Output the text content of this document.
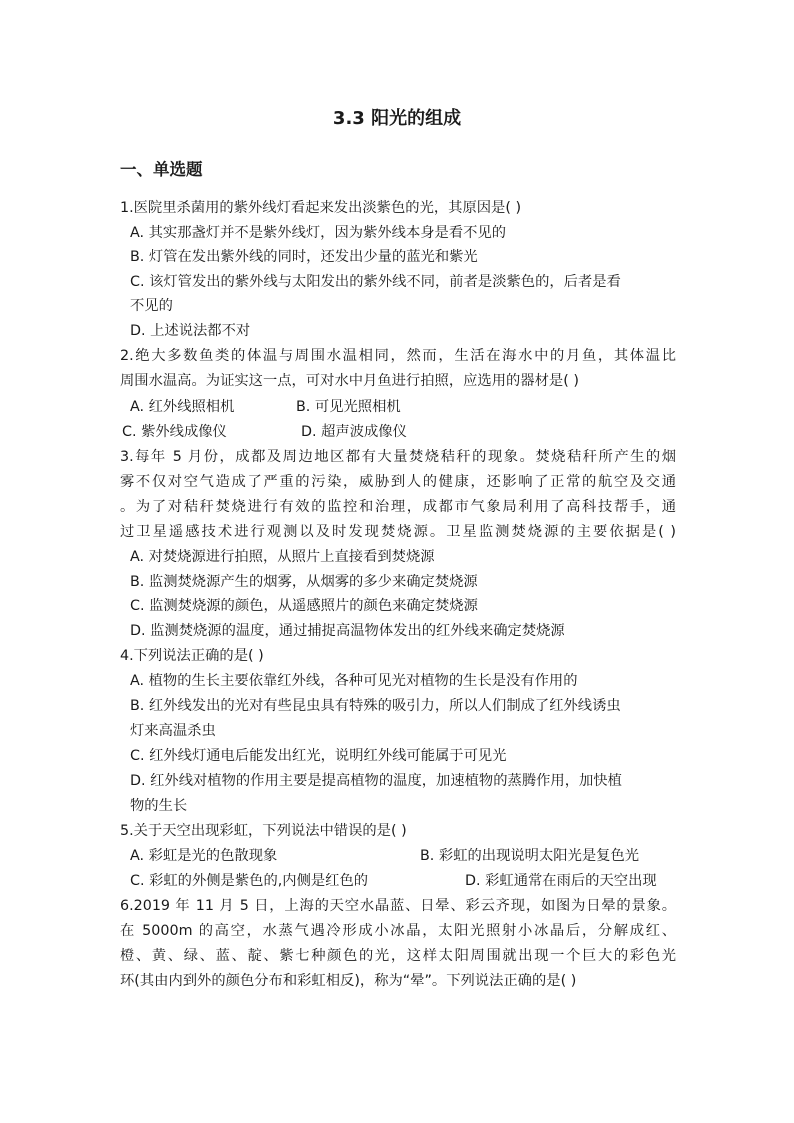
3.3 阳光的组成
一、单选题
1.医院里杀菌用的紫外线灯看起来发出淡紫色的光，其原因是( )
A. 其实那盏灯并不是紫外线灯，因为紫外线本身是看不见的
B. 灯管在发出紫外线的同时，还发出少量的蓝光和紫光
C. 该灯管发出的紫外线与太阳发出的紫外线不同，前者是淡紫色的，后者是看
不见的
D. 上述说法都不对
2.绝大多数鱼类的体温与周围水温相同，然而，生活在海水中的月鱼，其体温比
周围水温高。为证实这一点，可对水中月鱼进行拍照，应选用的器材是( )
A. 红外线照相机	B. 可见光照相机
C. 紫外线成像仪	D. 超声波成像仪
3.每年 5 月份，成都及周边地区都有大量焚烧秸秆的现象。焚烧秸秆所产生的烟
雾不仅对空气造成了严重的污染，威胁到人的健康，还影响了正常的航空及交通
。为了对秸秆焚烧进行有效的监控和治理，成都市气象局利用了高科技帮手，通
过卫星遥感技术进行观测以及时发现焚烧源。卫星监测焚烧源的主要依据是( )
A. 对焚烧源进行拍照，从照片上直接看到焚烧源
B. 监测焚烧源产生的烟雾，从烟雾的多少来确定焚烧源
C. 监测焚烧源的颜色，从遥感照片的颜色来确定焚烧源
D. 监测焚烧源的温度，通过捕捉高温物体发出的红外线来确定焚烧源
4.下列说法正确的是( )
A. 植物的生长主要依靠红外线，各种可见光对植物的生长是没有作用的
B. 红外线发出的光对有些昆虫具有特殊的吸引力，所以人们制成了红外线诱虫
灯来高温杀虫
C. 红外线灯通电后能发出红光，说明红外线可能属于可见光
D. 红外线对植物的作用主要是提高植物的温度，加速植物的蒸腾作用，加快植
物的生长
5.关于天空出现彩虹，下列说法中错误的是( )
A. 彩虹是光的色散现象	B. 彩虹的出现说明太阳光是复色光
C. 彩虹的外侧是紫色的,内侧是红色的	D. 彩虹通常在雨后的天空出现
6.2019 年 11 月 5 日，上海的天空水晶蓝、日晕、彩云齐现，如图为日晕的景象。
在 5000m 的高空，水蒸气遇冷形成小冰晶，太阳光照射小冰晶后，分解成红、
橙、黄、绿、蓝、靛、紫七种颜色的光，这样太阳周围就出现一个巨大的彩色光
环(其由内到外的颜色分布和彩虹相反)，称为“晕”。下列说法正确的是( )
